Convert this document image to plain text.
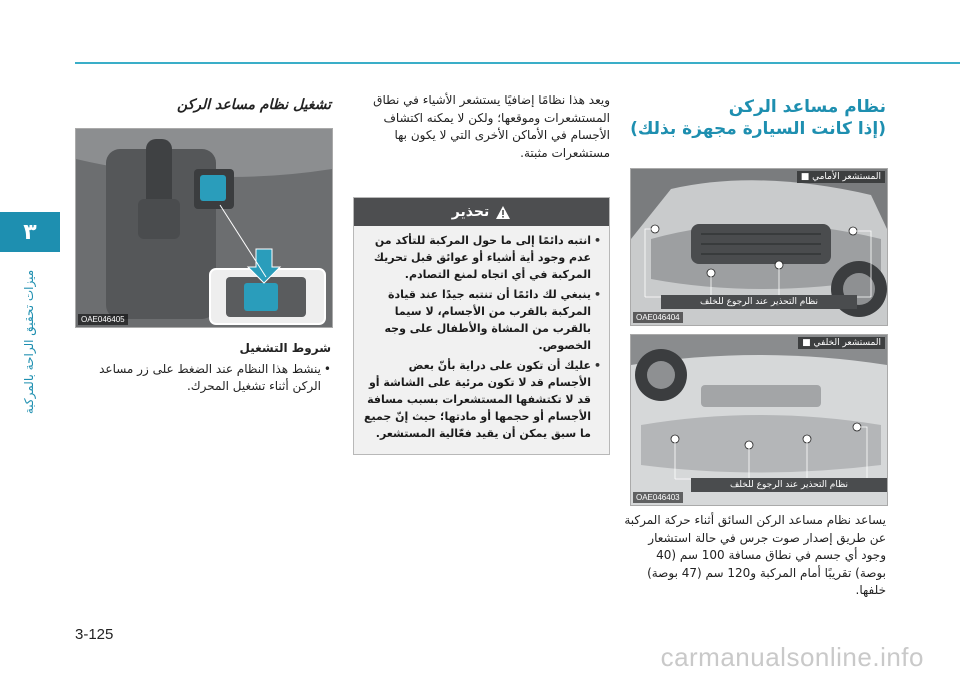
٣
ميزات تحقيق الراحة بالمركبة
نظام مساعد الركن
(إذا كانت السيارة مجهزة بذلك)
المستشعر الأمامي ■
نظام التحذير عند الرجوع للخلف
OAE046404
المستشعر الخلفي ■
نظام التحذير عند الرجوع للخلف
OAE046403
يساعد نظام مساعد الركن السائق أثناء حركة المركبة
عن طريق إصدار صوت جرس في حالة استشعار
وجود أي جسم في نطاق مسافة 100 سم (40
بوصة) تقريبًا أمام المركبة و120 سم (47 بوصة)
خلفها.
ويعد هذا نظامًا إضافيًا يستشعر الأشياء في نطاق
المستشعرات وموقعها؛ ولكن لا يمكنه اكتشاف
الأجسام في الأماكن الأخرى التي لا يكون بها
مستشعرات مثبتة.
تحذير
• انتبه دائمًا إلى ما حول المركبة للتأكد من عدم وجود أية أشياء أو عوائق قبل تحريك المركبة في أي اتجاه لمنع التصادم.
• ينبغي لك دائمًا أن تنتبه جيدًا عند قيادة المركبة بالقرب من الأجسام، لا سيما بالقرب من المشاة والأطفال على وجه الخصوص.
• عليك أن تكون على دراية بأنّ بعض الأجسام قد لا تكون مرئية على الشاشة أو قد لا تكتشفها المستشعرات بسبب مسافة الأجسام أو حجمها أو مادتها؛ حيث إنّ جميع ما سبق يمكن أن يقيد فعّالية المستشعر.
تشغيل نظام مساعد الركن
OAE046405
شروط التشغيل
• ينشط هذا النظام عند الضغط على زر مساعد الركن أثناء تشغيل المحرك.
3-125
carmanualsonline.info
